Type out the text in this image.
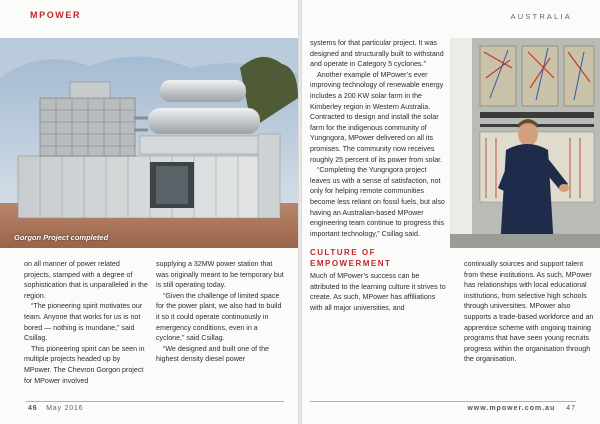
MPOWER
Gorgon Project completed

on all manner of power related projects, stamped with a degree of sophistication that is unparalleled in the region.

“The pioneering spirit motivates our team. Anyone that works for us is not bored — nothing is mundane,” said Csillag.

This pioneering spirit can be seen in multiple projects headed up by MPower. The Chevron Gorgon project for MPower involved

supplying a 32MW power station that was originally meant to be temporary but is still operating today.

“Given the challenge of limited space for the power plant, we also had to build it so it could operate continuously in emergency conditions, even in a cyclone,” said Csillag.

“We designed and built one of the highest density diesel power

46 May 2016
AUSTRALIA

systems for that particular project. It was designed and structurally built to withstand and operate in Category 5 cyclones.”

Another example of MPower’s ever improving technology of renewable energy includes a 200 KW solar farm in the Kimberley region in Western Australia. Contracted to design and install the solar farm for the indigenous community of Yungngora, MPower delivered on all its promises. The community now receives roughly 25 percent of its power from solar.

“Completing the Yungngora project leaves us with a sense of satisfaction, not only for helping remote communities become less reliant on fossil fuels, but also having an Australian-based MPower engineering team continue to progress this important technology,” Csillag said.

CULTURE OF EMPOWERMENT

Much of MPower’s success can be attributed to the learning culture it strives to create. As such, MPower has affiliations with all major universities, and

continually sources and support talent from these institutions. As such, MPower has relationships with local educational institutions, from selective high schools through universities. MPower also supports a trade-based workforce and an apprentice scheme with ongoing training programs that have seen young recruits progress within the organisation through the organisation.

www.mpower.com.au 47
